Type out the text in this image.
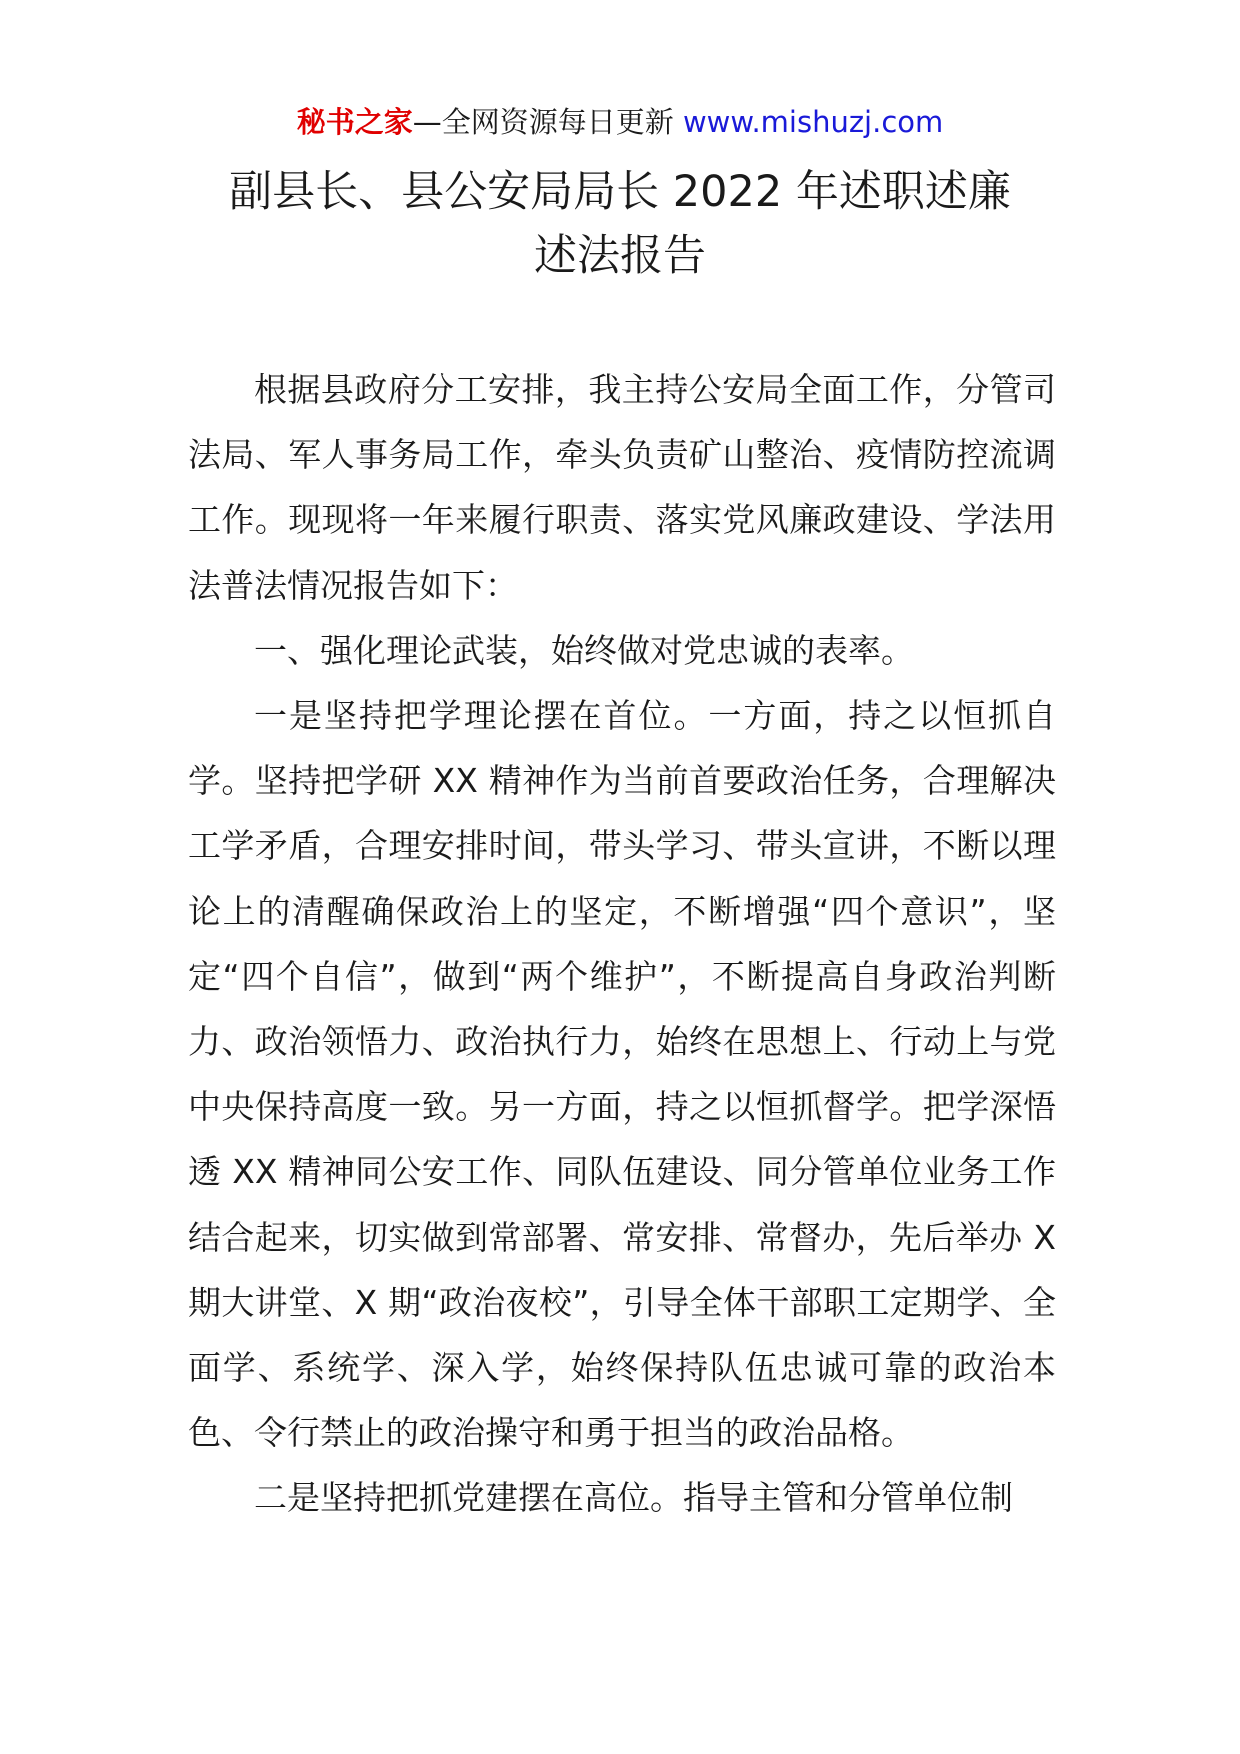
秘书之家—全网资源每日更新 www.mishuzj.com
副县长、县公安局局长 2022 年述职述廉
述法报告

根据县政府分工安排，我主持公安局全面工作，分管司法局、军人事务局工作，牵头负责矿山整治、疫情防控流调工作。现现将一年来履行职责、落实党风廉政建设、学法用法普法情况报告如下：

一、强化理论武装，始终做对党忠诚的表率。

一是坚持把学理论摆在首位。一方面，持之以恒抓自学。坚持把学研 XX 精神作为当前首要政治任务，合理解决工学矛盾，合理安排时间，带头学习、带头宣讲，不断以理论上的清醒确保政治上的坚定，不断增强“四个意识”，坚定“四个自信”，做到“两个维护”，不断提高自身政治判断力、政治领悟力、政治执行力，始终在思想上、行动上与党中央保持高度一致。另一方面，持之以恒抓督学。把学深悟透 XX 精神同公安工作、同队伍建设、同分管单位业务工作结合起来，切实做到常部署、常安排、常督办，先后举办 X 期大讲堂、X 期“政治夜校”，引导全体干部职工定期学、全面学、系统学、深入学，始终保持队伍忠诚可靠的政治本色、令行禁止的政治操守和勇于担当的政治品格。

二是坚持把抓党建摆在高位。指导主管和分管单位制
